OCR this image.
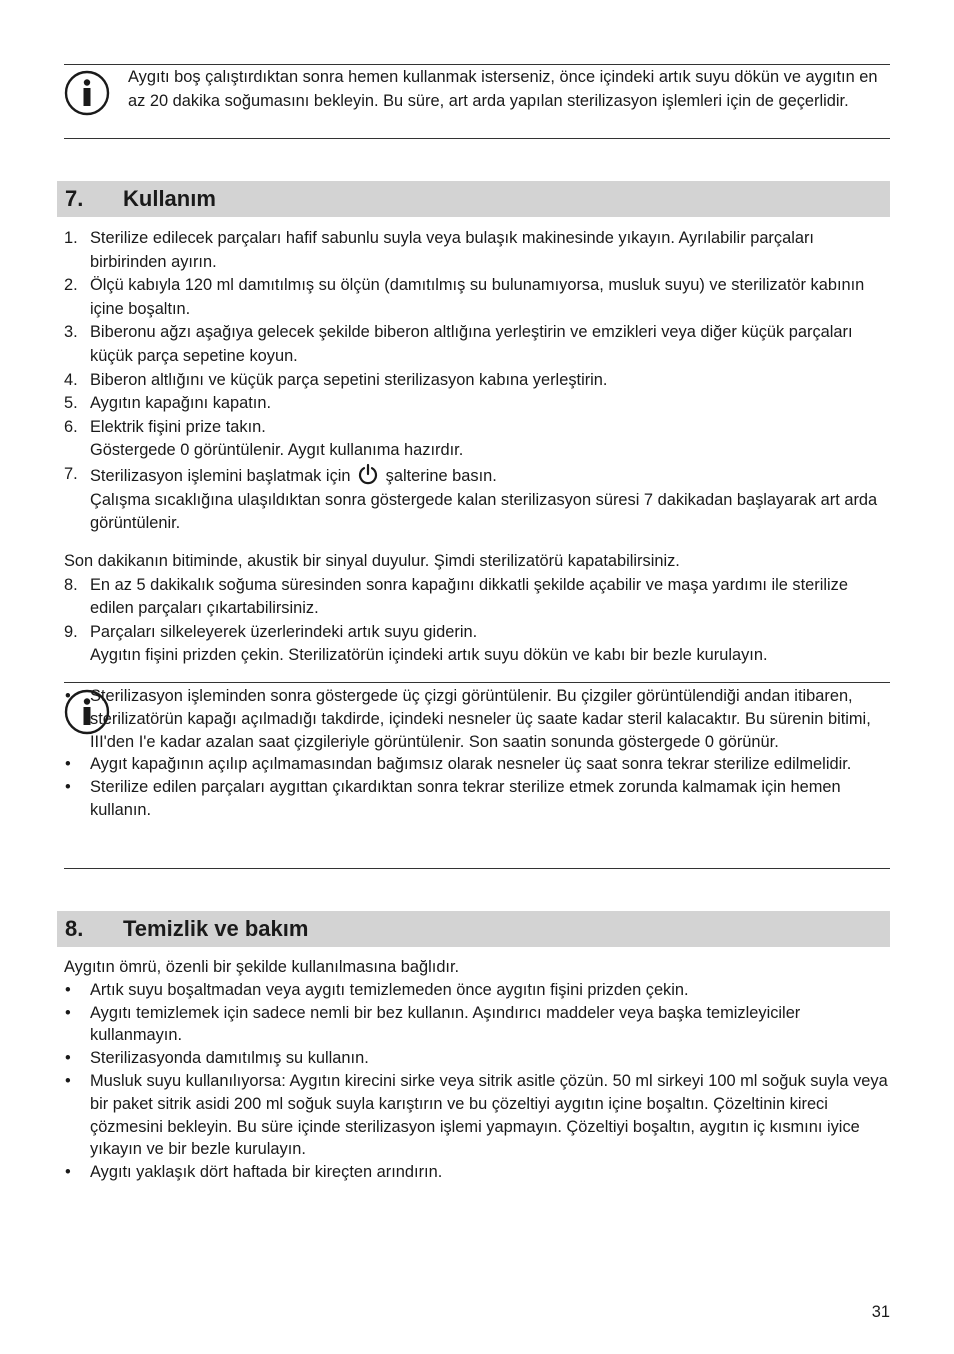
Aygıtı boş çalıştırdıktan sonra hemen kullanmak isterseniz, önce içindeki artık suyu dökün ve aygıtın en az 20 dakika soğumasını bekleyin. Bu süre, art arda yapılan sterilizasyon işlemleri için de geçerlidir.
7.	Kullanım
1. Sterilize edilecek parçaları hafif sabunlu suyla veya bulaşık makinesinde yıkayın. Ayrılabilir parçaları birbirinden ayırın.
2. Ölçü kabıyla 120 ml damıtılmış su ölçün (damıtılmış su bulunamıyorsa, musluk suyu) ve sterilizatör kabının içine boşaltın.
3. Biberonu ağzı aşağıya gelecek şekilde biberon altlığına yerleştirin ve emzikleri veya diğer küçük parçaları küçük parça sepetine koyun.
4. Biberon altlığını ve küçük parça sepetini sterilizasyon kabına yerleştirin.
5. Aygıtın kapağını kapatın.
6. Elektrik fişini prize takın.
Göstergede 0 görüntülenir. Aygıt kullanıma hazırdır.
7. Sterilizasyon işlemini başlatmak için şalterine basın.
Çalışma sıcaklığına ulaşıldıktan sonra göstergede kalan sterilizasyon süresi 7 dakikadan başlayarak art arda görüntülenir.

Son dakikanın bitiminde, akustik bir sinyal duyulur. Şimdi sterilizatörü kapatabilirsiniz.

8. En az 5 dakikalık soğuma süresinden sonra kapağını dikkatli şekilde açabilir ve maşa yardımı ile sterilize edilen parçaları çıkartabilirsiniz.
9. Parçaları silkeleyerek üzerlerindeki artık suyu giderin.
Aygıtın fişini prizden çekin. Sterilizatörün içindeki artık suyu dökün ve kabı bir bezle kurulayın.
• Sterilizasyon işleminden sonra göstergede üç çizgi görüntülenir. Bu çizgiler görüntülendiği andan itibaren, sterilizatörün kapağı açılmadığı takdirde, içindeki nesneler üç saate kadar steril kalacaktır. Bu sürenin bitimi, III'den I'e kadar azalan saat çizgileriyle görüntülenir. Son saatin sonunda göstergede 0 görünür.
• Aygıt kapağının açılıp açılmamasından bağımsız olarak nesneler üç saat sonra tekrar sterilize edilmelidir.
• Sterilize edilen parçaları aygıttan çıkardıktan sonra tekrar sterilize etmek zorunda kalmamak için hemen kullanın.
8.	Temizlik ve bakım

Aygıtın ömrü, özenli bir şekilde kullanılmasına bağlıdır.

• Artık suyu boşaltmadan veya aygıtı temizlemeden önce aygıtın fişini prizden çekin.
• Aygıtı temizlemek için sadece nemli bir bez kullanın. Aşındırıcı maddeler veya başka temizleyiciler kullanmayın.
• Sterilizasyonda damıtılmış su kullanın.
• Musluk suyu kullanılıyorsa: Aygıtın kirecini sirke veya sitrik asitle çözün. 50 ml sirkeyi 100 ml soğuk suyla veya bir paket sitrik asidi 200 ml soğuk suyla karıştırın ve bu çözeltiyi aygıtın içine boşaltın. Çözeltinin kireci çözmesini bekleyin. Bu süre içinde sterilizasyon işlemi yapmayın. Çözeltiyi boşaltın, aygıtın iç kısmını iyice yıkayın ve bir bezle kurulayın.
• Aygıtı yaklaşık dört haftada bir kireçten arındırın.
31
